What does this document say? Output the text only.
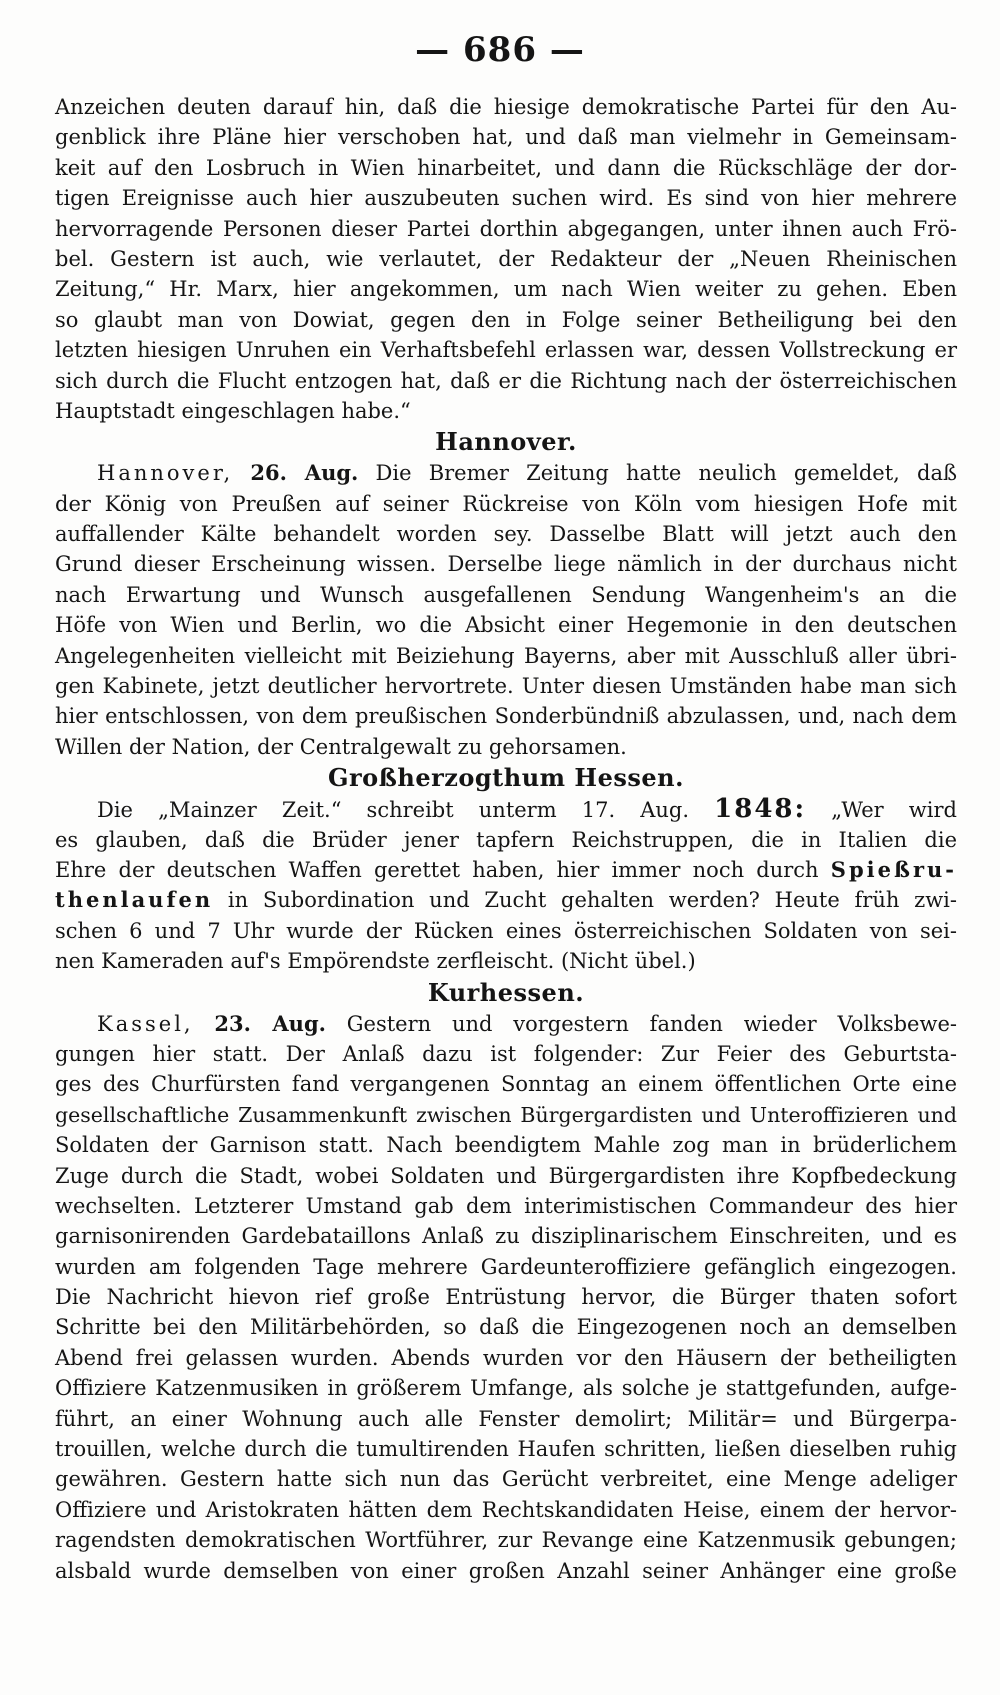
— 686 —
Anzeichen deuten darauf hin, daß die hiesige demokratische Partei für den Au-
genblick ihre Pläne hier verschoben hat, und daß man vielmehr in Gemeinsam-
keit auf den Losbruch in Wien hinarbeitet, und dann die Rückschläge der dor-
tigen Ereignisse auch hier auszubeuten suchen wird. Es sind von hier mehrere
hervorragende Personen dieser Partei dorthin abgegangen, unter ihnen auch Frö-
bel. Gestern ist auch, wie verlautet, der Redakteur der „Neuen Rheinischen
Zeitung,“ Hr. Marx, hier angekommen, um nach Wien weiter zu gehen. Eben
so glaubt man von Dowiat, gegen den in Folge seiner Betheiligung bei den
letzten hiesigen Unruhen ein Verhaftsbefehl erlassen war, dessen Vollstreckung er
sich durch die Flucht entzogen hat, daß er die Richtung nach der österreichischen
Hauptstadt eingeschlagen habe.“
Hannover.
Hannover, 26. Aug. Die Bremer Zeitung hatte neulich gemeldet, daß
der König von Preußen auf seiner Rückreise von Köln vom hiesigen Hofe mit
auffallender Kälte behandelt worden sey. Dasselbe Blatt will jetzt auch den
Grund dieser Erscheinung wissen. Derselbe liege nämlich in der durchaus nicht
nach Erwartung und Wunsch ausgefallenen Sendung Wangenheim's an die
Höfe von Wien und Berlin, wo die Absicht einer Hegemonie in den deutschen
Angelegenheiten vielleicht mit Beiziehung Bayerns, aber mit Ausschluß aller übri-
gen Kabinete, jetzt deutlicher hervortrete. Unter diesen Umständen habe man sich
hier entschlossen, von dem preußischen Sonderbündniß abzulassen, und, nach dem
Willen der Nation, der Centralgewalt zu gehorsamen.
Großherzogthum Hessen.
Die „Mainzer Zeit.“ schreibt unterm 17. Aug. 1848: „Wer wird
es glauben, daß die Brüder jener tapfern Reichstruppen, die in Italien die
Ehre der deutschen Waffen gerettet haben, hier immer noch durch Spießru-
thenlaufen in Subordination und Zucht gehalten werden? Heute früh zwi-
schen 6 und 7 Uhr wurde der Rücken eines österreichischen Soldaten von sei-
nen Kameraden auf's Empörendste zerfleischt. (Nicht übel.)
Kurhessen.
Kassel, 23. Aug. Gestern und vorgestern fanden wieder Volksbewe-
gungen hier statt. Der Anlaß dazu ist folgender: Zur Feier des Geburtsta-
ges des Churfürsten fand vergangenen Sonntag an einem öffentlichen Orte eine
gesellschaftliche Zusammenkunft zwischen Bürgergardisten und Unteroffizieren und
Soldaten der Garnison statt. Nach beendigtem Mahle zog man in brüderlichem
Zuge durch die Stadt, wobei Soldaten und Bürgergardisten ihre Kopfbedeckung
wechselten. Letzterer Umstand gab dem interimistischen Commandeur des hier
garnisonirenden Gardebataillons Anlaß zu disziplinarischem Einschreiten, und es
wurden am folgenden Tage mehrere Gardeunteroffiziere gefänglich eingezogen.
Die Nachricht hievon rief große Entrüstung hervor, die Bürger thaten sofort
Schritte bei den Militärbehörden, so daß die Eingezogenen noch an demselben
Abend frei gelassen wurden. Abends wurden vor den Häusern der betheiligten
Offiziere Katzenmusiken in größerem Umfange, als solche je stattgefunden, aufge-
führt, an einer Wohnung auch alle Fenster demolirt; Militär= und Bürgerpa-
trouillen, welche durch die tumultirenden Haufen schritten, ließen dieselben ruhig
gewähren. Gestern hatte sich nun das Gerücht verbreitet, eine Menge adeliger
Offiziere und Aristokraten hätten dem Rechtskandidaten Heise, einem der hervor-
ragendsten demokratischen Wortführer, zur Revange eine Katzenmusik gebungen;
alsbald wurde demselben von einer großen Anzahl seiner Anhänger eine große
